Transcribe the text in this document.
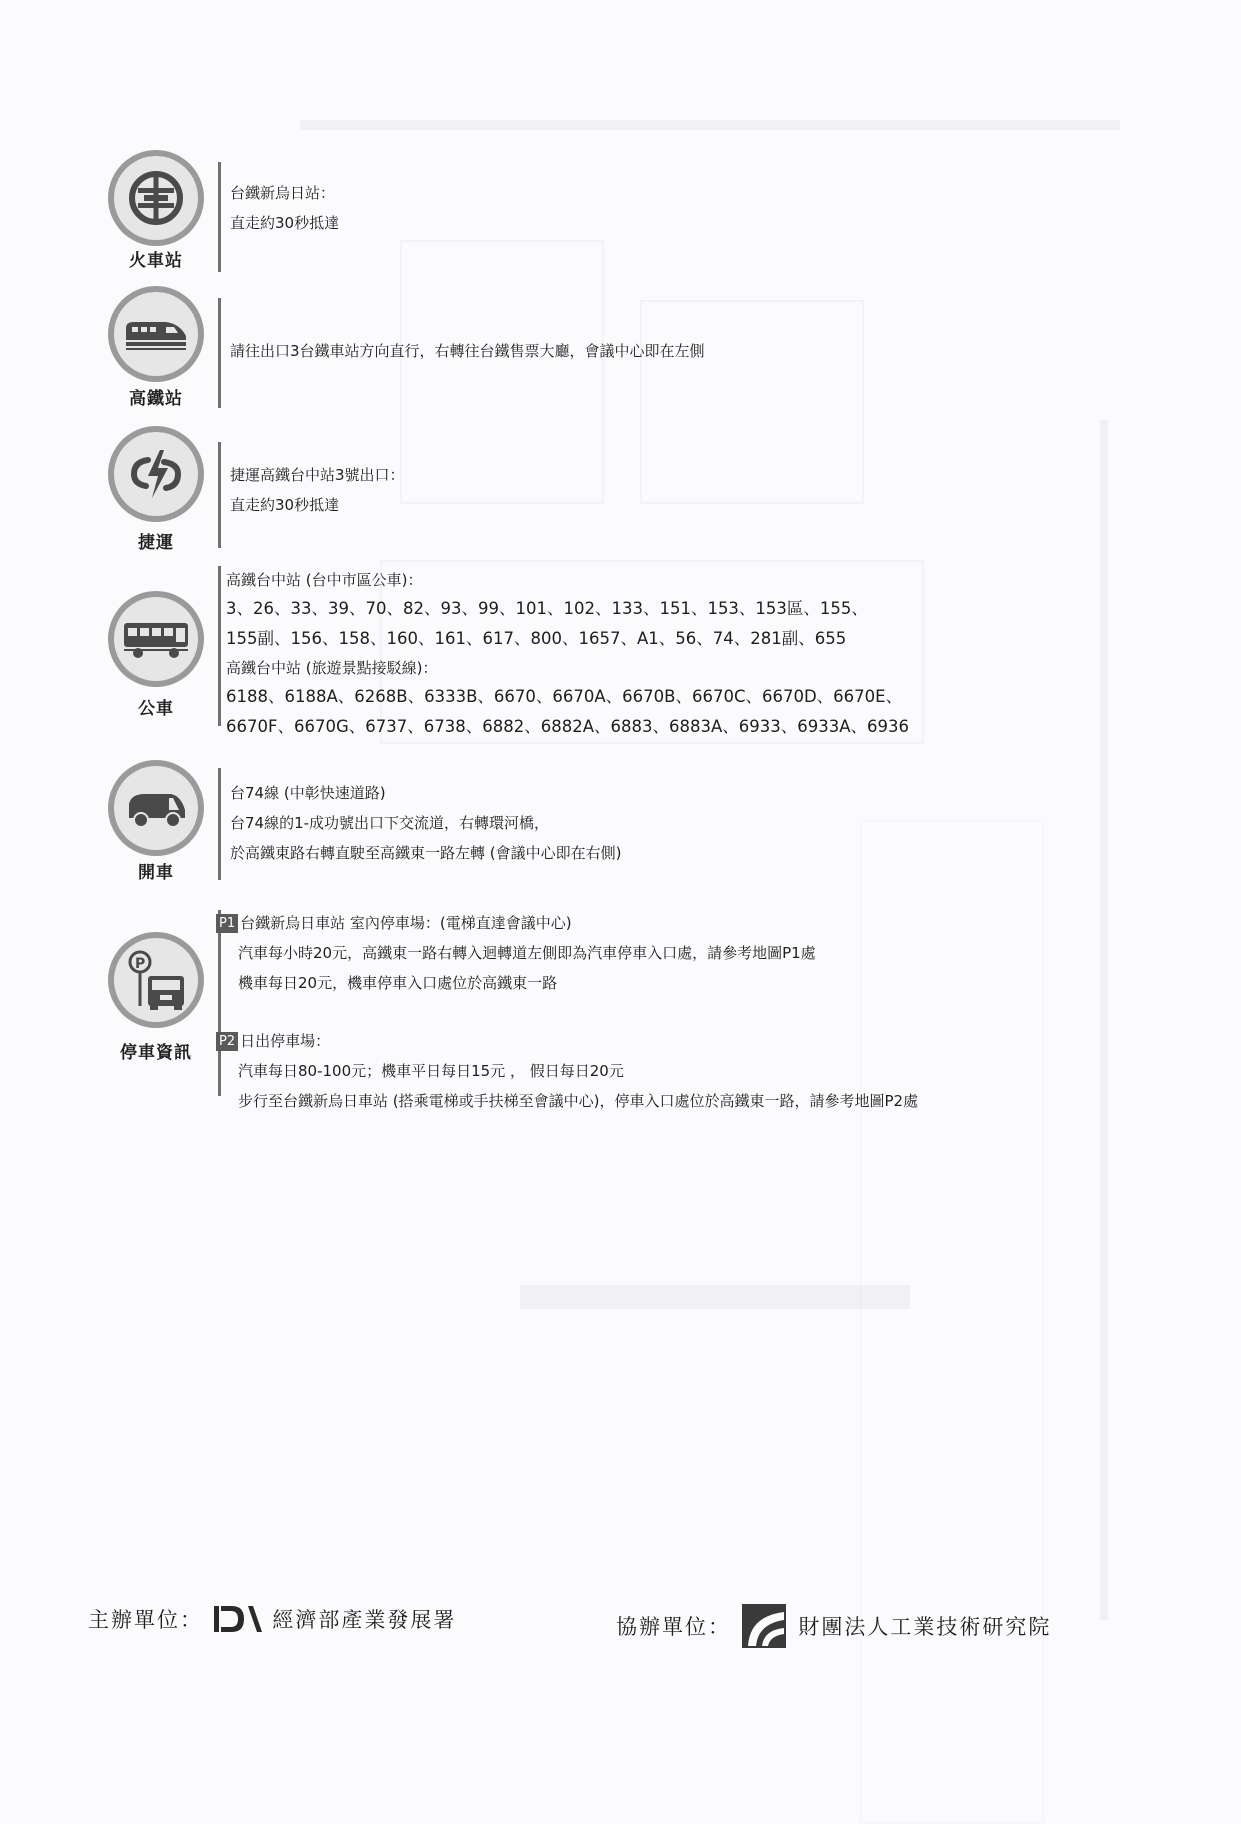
火車站
台鐵新烏日站：
直走約30秒抵達
高鐵站
請往出口3台鐵車站方向直行，右轉往台鐵售票大廳，會議中心即在左側
捷運
捷運高鐵台中站3號出口：
直走約30秒抵達
公車
高鐵台中站 (台中市區公車)：
3、26、33、39、70、82、93、99、101、102、133、151、153、153區、155、
155副、156、158、160、161、617、800、1657、A1、56、74、281副、655
高鐵台中站 (旅遊景點接駁線)：
6188、6188A、6268B、6333B、6670、6670A、6670B、6670C、6670D、6670E、
6670F、6670G、6737、6738、6882、6882A、6883、6883A、6933、6933A、6936
開車
台74線 (中彰快速道路)
台74線的1-成功號出口下交流道，右轉環河橋，
於高鐵東路右轉直駛至高鐵東一路左轉 (會議中心即在右側)
P
停車資訊
P1 台鐵新烏日車站 室內停車場：(電梯直達會議中心)
汽車每小時20元，高鐵東一路右轉入迴轉道左側即為汽車停車入口處，請參考地圖P1處
機車每日20元，機車停車入口處位於高鐵東一路
P2 日出停車場：
汽車每日80-100元；機車平日每日15元 ， 假日每日20元
步行至台鐵新烏日車站 (搭乘電梯或手扶梯至會議中心)，停車入口處位於高鐵東一路，請參考地圖P2處
主辦單位：	經濟部產業發展署	協辦單位：	財團法人工業技術研究院
